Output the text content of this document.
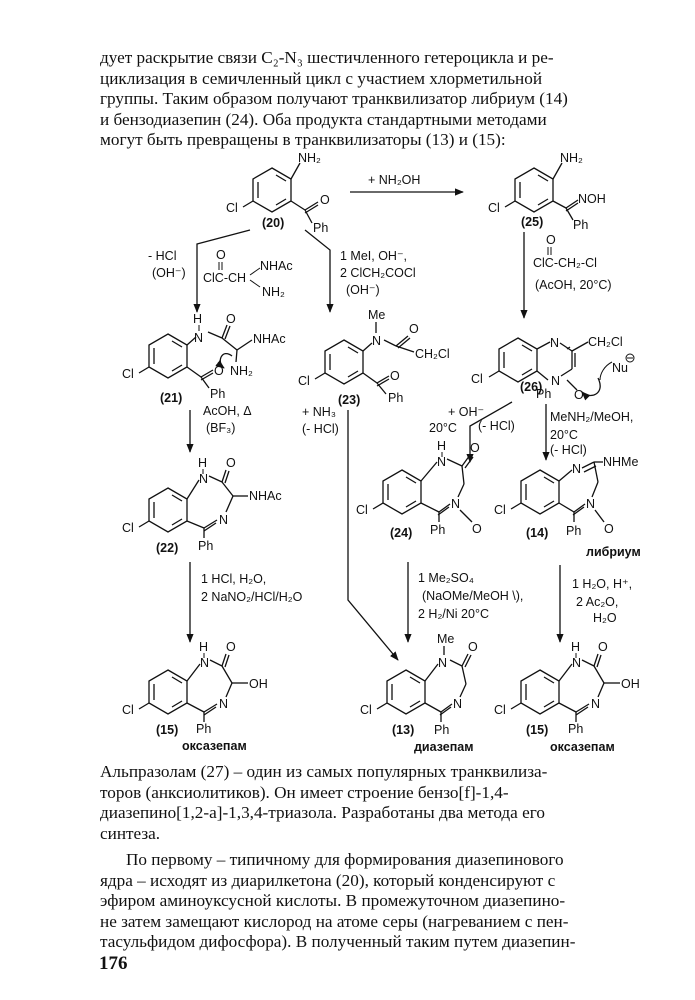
дует раскрытие связи C₂-N₃ шестичленного гетероцикла и ре-
циклизация в семичленный цикл с участием хлорметильной
группы. Таким образом получают транквилизатор либриум (14)
и бензодиазепин (24). Оба продукта стандартными методами
могут быть превращены в транквилизаторы (13) и (15):

NH₂
O
Ph
Cl
(20)
+ NH₂OH
NH₂
NOH
Ph
Cl
(25)
O
ClC-CH₂-Cl
(AcOH, 20°C)
- HCl
(OH⁻)
O
ClC-CH
NHAc
NH₂
1 MeI, OH⁻,
2 ClCH₂COCl
(OH⁻)
H
N
O
NHAc
NH₂
O
Ph
Cl
(21)
Me
N
O
CH₂Cl
O
Ph
Cl
(23)
N CH₂Cl
N
O
Ph
Nu
Cl
(26)
+ OH⁻
20°C (- HCl)
MeNH₂/MeOH,
20°C
(- HCl)
AcOH, Δ
(BF₃)
+ NH₃
(- HCl)
H
N
O
NHAc
N
Ph
Cl
(22)
H
N
O
N
O
Ph
Cl
(24)
N NHMe
N
O
Ph
Cl
(14)
либриум
1 HCl, H₂O,
2 NaNO₂/HCl/H₂O
1 Me₂SO₄
(NaOMe/MeOH \),
2 H₂/Ni 20°C
1 H₂O, H⁺,
2 Ac₂O,
H₂O
H
N
O
OH
N
Ph
Cl
(15)
оксазепам
Me
N
O
N
Ph
Cl
(13)
диазепам
H
N
O
OH
N
Ph
Cl
(15)
оксазепам

Альпразолам (27) – один из самых популярных транквилиза-
торов (анксиолитиков). Он имеет строение бензо[f]-1,4-
диазепино[1,2-a]-1,3,4-триазола. Разработаны два метода его
синтеза.

По первому – типичному для формирования диазепинового
ядра – исходят из диарилкетона (20), который конденсируют с
эфиром аминоуксусной кислоты. В промежуточном диазепино-
не затем замещают кислород на атоме серы (нагреванием с пен-
тасульфидом дифосфора). В полученный таким путем диазепин-

176
